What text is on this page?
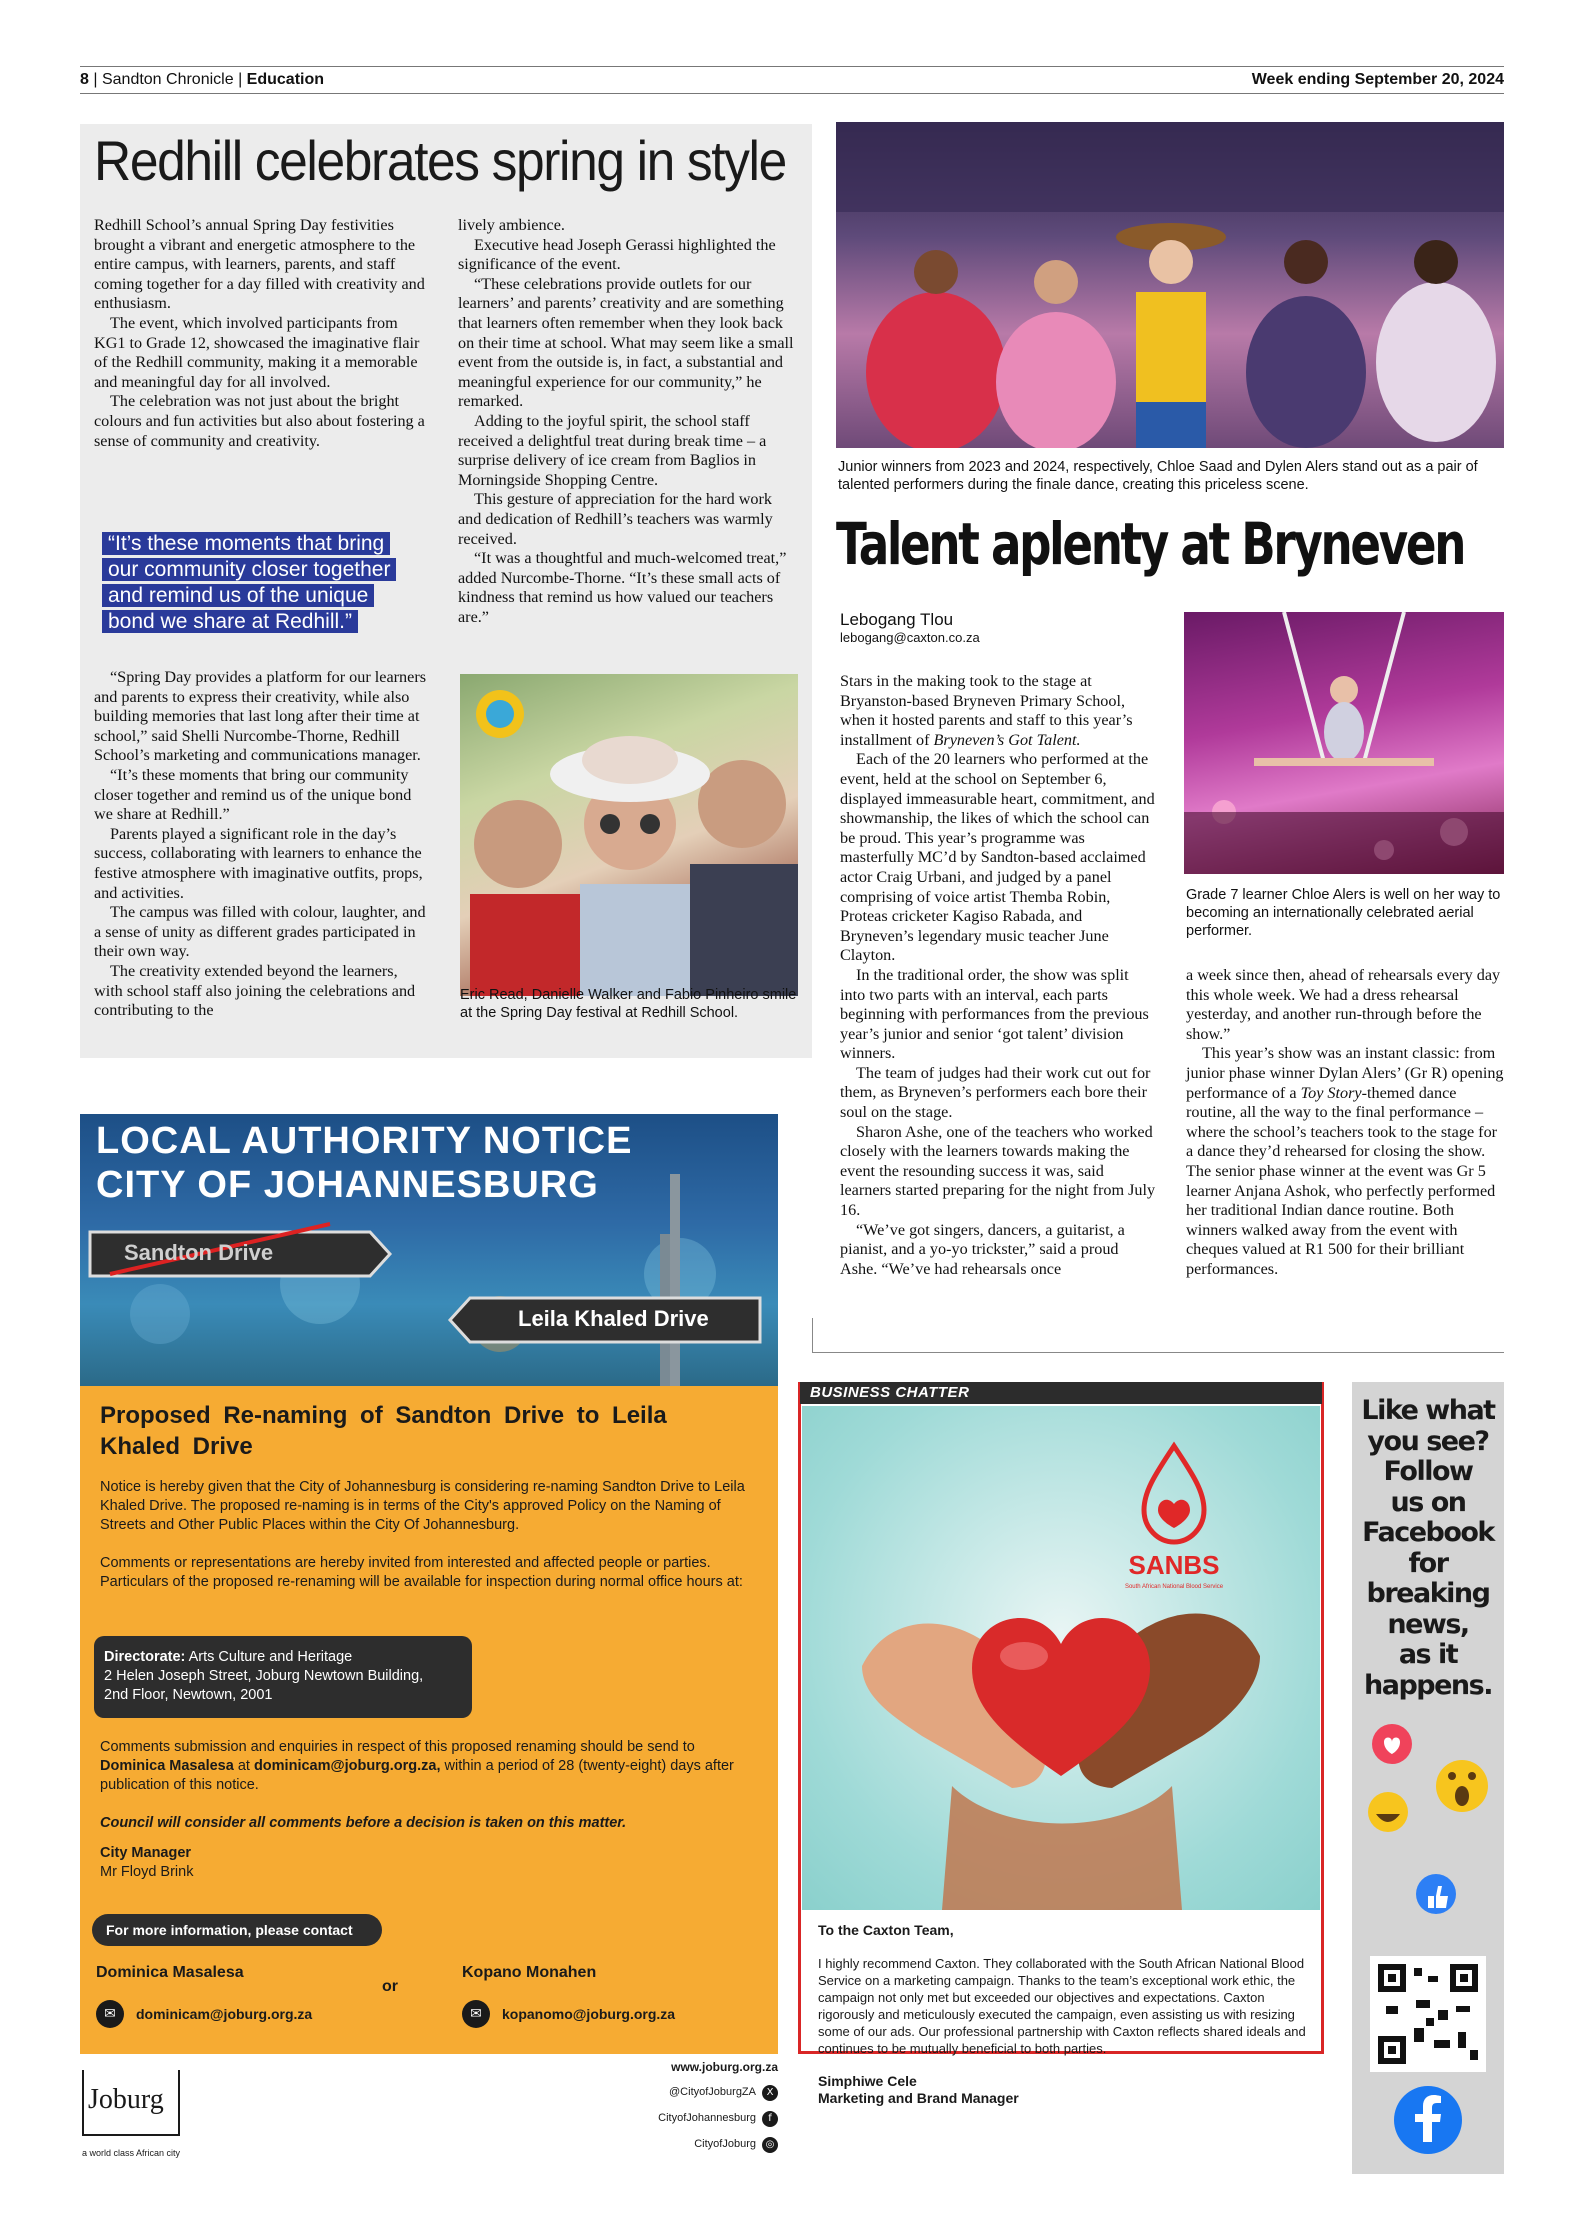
8 | Sandton Chronicle | Education	Week ending September 20, 2024
Redhill celebrates spring in style

Redhill School’s annual Spring Day festivities brought a vibrant and energetic atmosphere to the entire campus, with learners, parents, and staff coming together for a day filled with creativity and enthusiasm.

The event, which involved participants from KG1 to Grade 12, showcased the imaginative flair of the Redhill community, making it a memorable and meaningful day for all involved.

The celebration was not just about the bright colours and fun activities but also about fostering a sense of community and creativity.

“It’s these moments that bring our community closer together and remind us of the unique bond we share at Redhill.”

“Spring Day provides a platform for our learners and parents to express their creativity, while also building memories that last long after their time at school,” said Shelli Nurcombe-Thorne, Redhill School’s marketing and communications manager.

“It’s these moments that bring our community closer together and remind us of the unique bond we share at Redhill.”

Parents played a significant role in the day’s success, collaborating with learners to enhance the festive atmosphere with imaginative outfits, props, and activities.

The campus was filled with colour, laughter, and a sense of unity as different grades participated in their own way.

The creativity extended beyond the learners, with school staff also joining the celebrations and contributing to the

lively ambience.

Executive head Joseph Gerassi highlighted the significance of the event.

“These celebrations provide outlets for our learners’ and parents’ creativity and are something that learners often remember when they look back on their time at school. What may seem like a small event from the outside is, in fact, a substantial and meaningful experience for our community,” he remarked.

Adding to the joyful spirit, the school staff received a delightful treat during break time – a surprise delivery of ice cream from Baglios in Morningside Shopping Centre.

This gesture of appreciation for the hard work and dedication of Redhill’s teachers was warmly received.

“It was a thoughtful and much-welcomed treat,” added Nurcombe-Thorne. “It’s these small acts of kindness that remind us how valued our teachers are.”

Eric Read, Danielle Walker and Fabio Pinheiro smile at the Spring Day festival at Redhill School.
Junior winners from 2023 and 2024, respectively, Chloe Saad and Dylen Alers stand out as a pair of talented performers during the finale dance, creating this priceless scene.
Talent aplenty at Bryneven
Lebogang Tlou
lebogang@caxton.co.za

Stars in the making took to the stage at Bryanston-based Bryneven Primary School, when it hosted parents and staff to this year’s installment of Bryneven’s Got Talent.

Each of the 20 learners who performed at the event, held at the school on September 6, displayed immeasurable heart, commitment, and showmanship, the likes of which the school can be proud. This year’s programme was masterfully MC’d by Sandton-based acclaimed actor Craig Urbani, and judged by a panel comprising of voice artist Themba Robin, Proteas cricketer Kagiso Rabada, and Bryneven’s legendary music teacher June Clayton.

In the traditional order, the show was split into two parts with an interval, each parts beginning with performances from the previous year’s junior and senior ‘got talent’ division winners.

The team of judges had their work cut out for them, as Bryneven’s performers each bore their soul on the stage.

Sharon Ashe, one of the teachers who worked closely with the learners towards making the event the resounding success it was, said learners started preparing for the night from July 16.

“We’ve got singers, dancers, a guitarist, a pianist, and a yo-yo trickster,” said a proud Ashe. “We’ve had rehearsals once

Grade 7 learner Chloe Alers is well on her way to becoming an internationally celebrated aerial performer.

a week since then, ahead of rehearsals every day this whole week. We had a dress rehearsal yesterday, and another run-through before the show.”

This year’s show was an instant classic: from junior phase winner Dylan Alers’ (Gr R) opening performance of a Toy Story-themed dance routine, all the way to the final performance – where the school’s teachers took to the stage for a dance they’d rehearsed for closing the show. The senior phase winner at the event was Gr 5 learner Anjana Ashok, who perfectly performed her traditional Indian dance routine. Both winners walked away from the event with cheques valued at R1 500 for their brilliant performances.

LOCAL AUTHORITY NOTICE
CITY OF JOHANNESBURG
Sandton Drive
Leila Khaled Drive
Proposed Re-naming of Sandton Drive to Leila Khaled Drive
Notice is hereby given that the City of Johannesburg is considering re-naming Sandton Drive to Leila Khaled Drive. The proposed re-naming is in terms of the City's approved Policy on the Naming of Streets and Other Public Places within the City Of Johannesburg.
Comments or representations are hereby invited from interested and affected people or parties. Particulars of the proposed re-renaming will be available for inspection during normal office hours at:
Directorate: Arts Culture and Heritage
2 Helen Joseph Street, Joburg Newtown Building,
2nd Floor, Newtown, 2001
Comments submission and enquiries in respect of this proposed renaming should be send to Dominica Masalesa at dominicam@joburg.org.za, within a period of 28 (twenty-eight) days after publication of this notice.
Council will consider all comments before a decision is taken on this matter.
City Manager
Mr Floyd Brink
For more information, please contact
Dominica Masalesa
or
Kopano Monahen
✉	dominicam@joburg.org.za	✉	kopanomo@joburg.org.za
Joburg
a world class African city
www.joburg.org.za
@CityofJoburgZA	X
CityofJohannesburg	f
CityofJoburg ◎
BUSINESS CHATTER
SANBS
South African National Blood Service
To the Caxton Team,
I highly recommend Caxton. They collaborated with the South African National Blood Service on a marketing campaign. Thanks to the team’s exceptional work ethic, the campaign not only met but exceeded our objectives and expectations. Caxton rigorously and meticulously executed the campaign, even assisting us with resizing some of our ads. Our professional partnership with Caxton reflects shared ideals and continues to be mutually beneficial to both parties.
Simphiwe Cele
Marketing and Brand Manager
Like what
you see?
Follow
us on
Facebook
for
breaking
news,
as it
happens.
